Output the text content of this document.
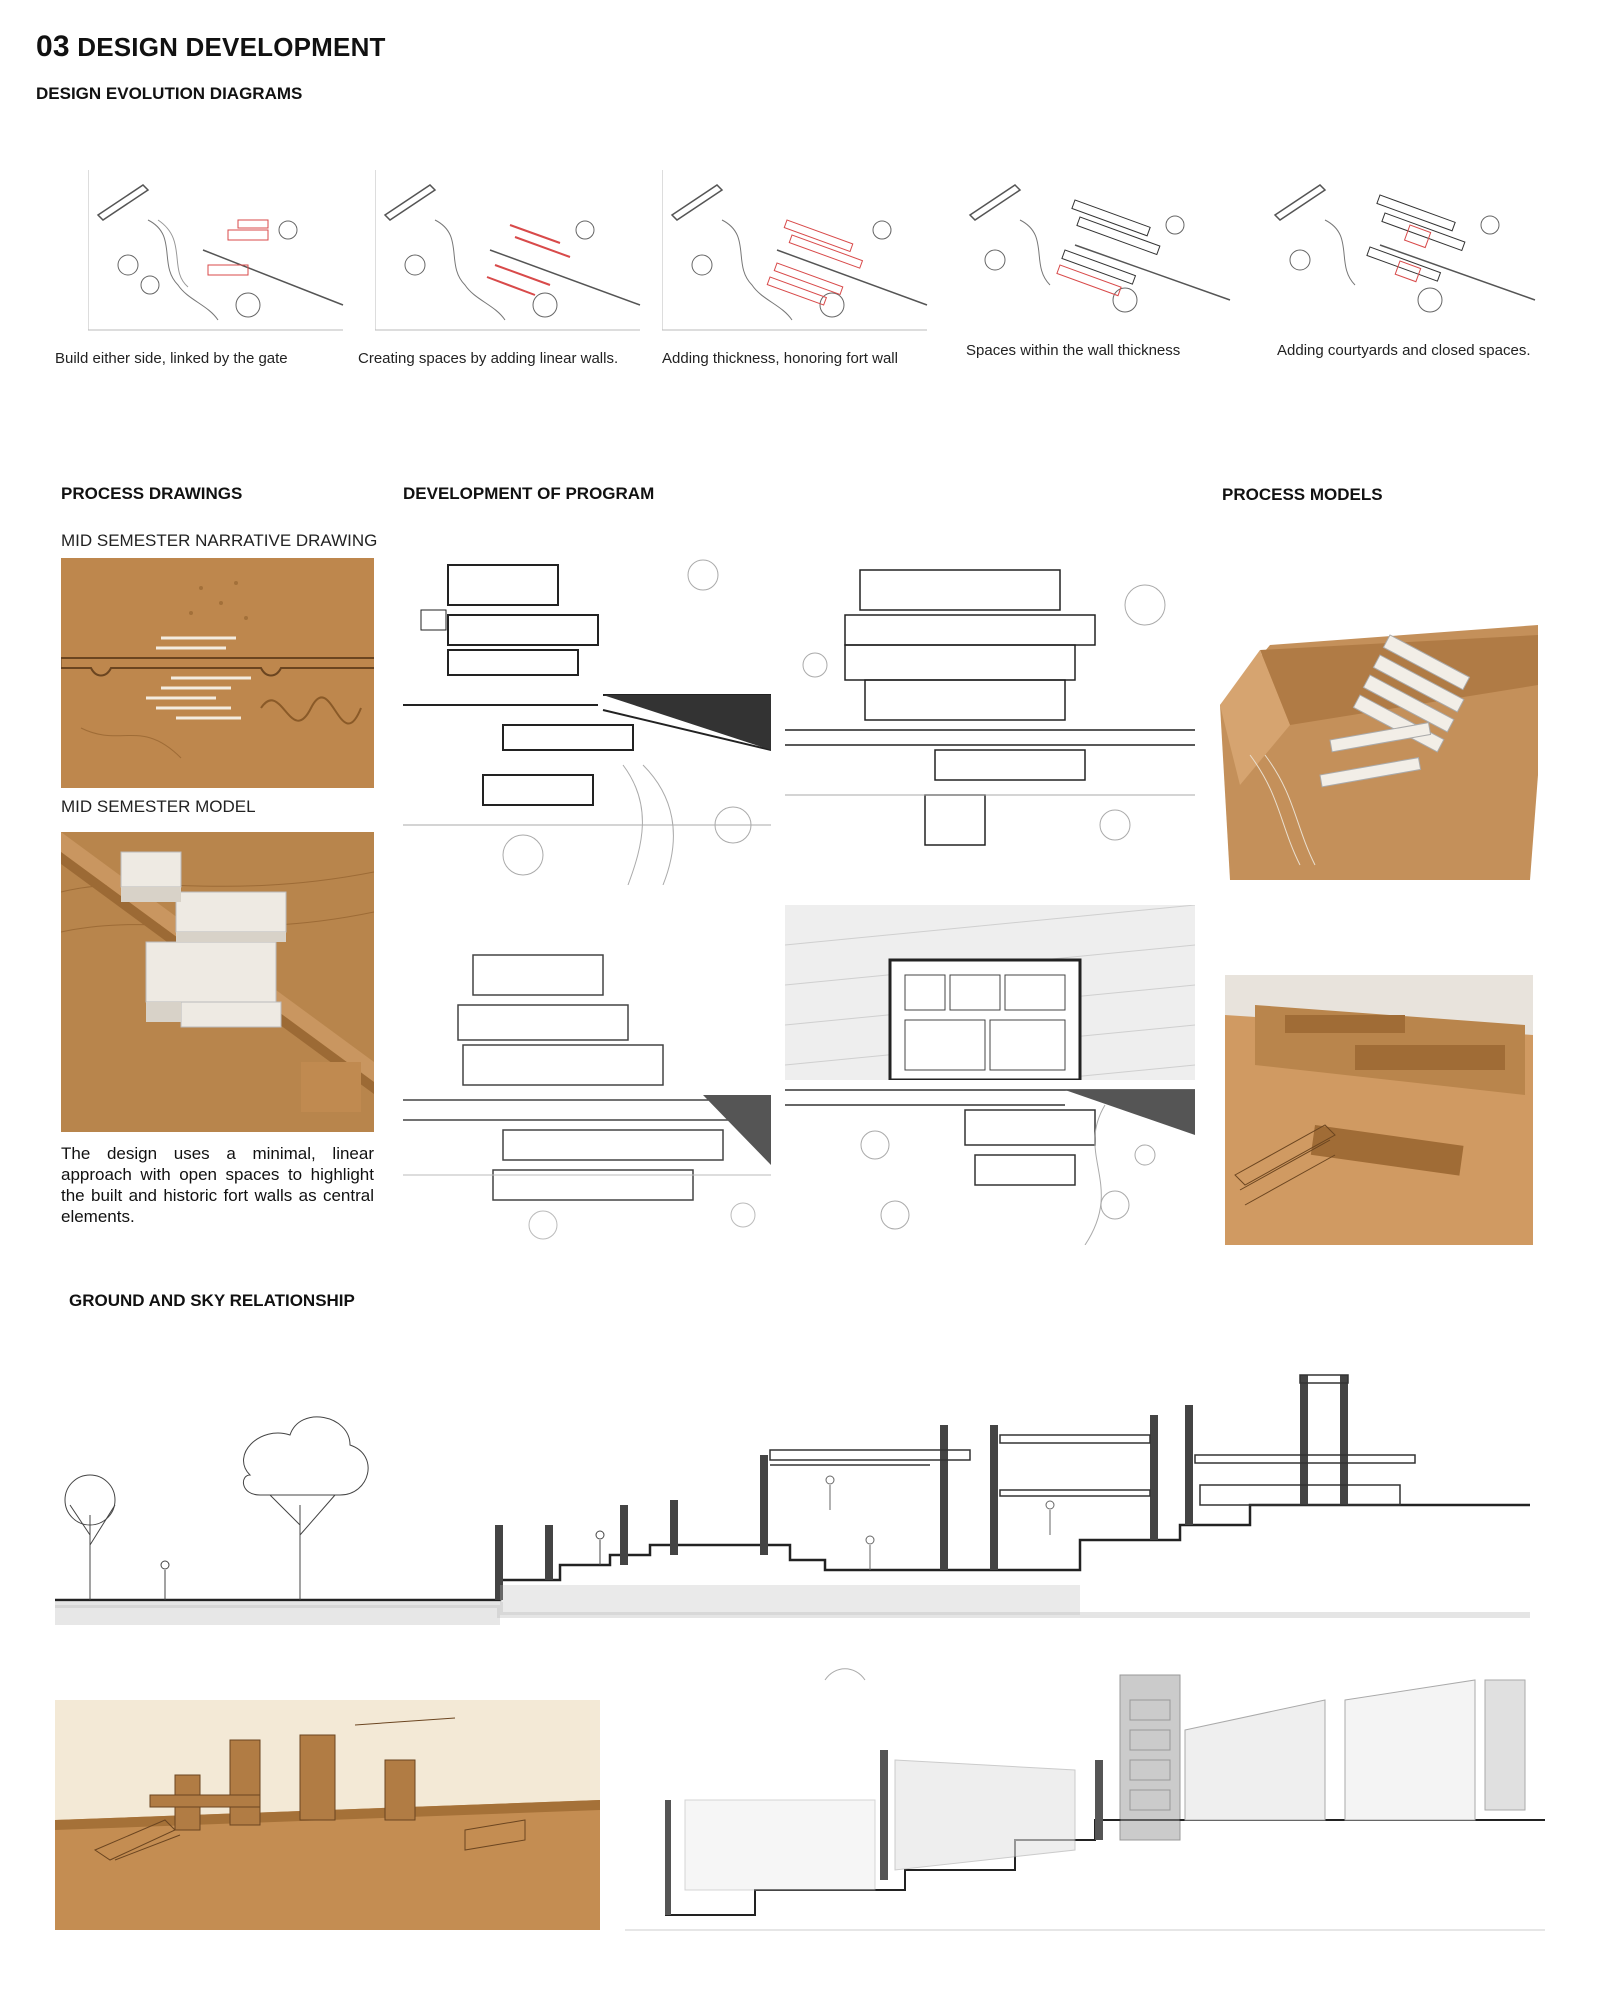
03 DESIGN DEVELOPMENT
DESIGN EVOLUTION DIAGRAMS
Build either side, linked by the gate	Creating spaces by adding linear walls.	Adding thickness, honoring fort wall	Spaces within the wall thickness	Adding courtyards and closed spaces.
PROCESS DRAWINGS
MID SEMESTER NARRATIVE DRAWING
MID SEMESTER MODEL
The design uses a minimal, linear approach with open spaces to highlight the built and historic fort walls as central elements.
DEVELOPMENT OF PROGRAM	PROCESS MODELS
GROUND AND SKY RELATIONSHIP
